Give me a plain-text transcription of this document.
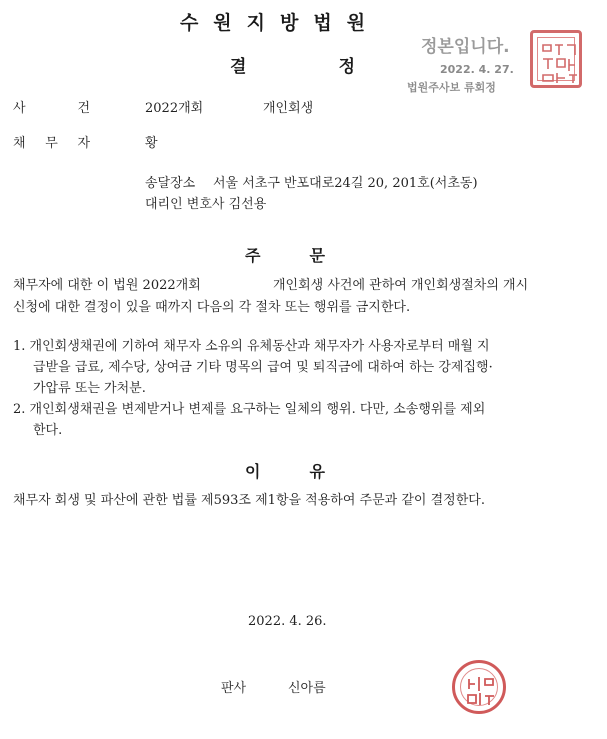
수원지방법원
결	정
정본입니다.
2022. 4. 27.
법원주사보 류회정
사	건	2022개회	개인회생
채 무 자	황
송달장소 서울 서초구 반포대로24길 20, 201호(서초동)
대리인 변호사 김선용
주	문
채무자에 대한 이 법원 2022개회	개인회생 사건에 관하여 개인회생절차의 개시
신청에 대한 결정이 있을 때까지 다음의 각 절차 또는 행위를 금지한다.
1. 개인회생채권에 기하여 채무자 소유의 유체동산과 채무자가 사용자로부터 매월 지
급받을 급료, 제수당, 상여금 기타 명목의 급여 및 퇴직금에 대하여 하는 강제집행·
가압류 또는 가처분.
2. 개인회생채권을 변제받거나 변제를 요구하는 일체의 행위. 다만, 소송행위를 제외
한다.
이	유
채무자 회생 및 파산에 관한 법률 제593조 제1항을 적용하여 주문과 같이 결정한다.
2022. 4. 26.
판사	신아름
